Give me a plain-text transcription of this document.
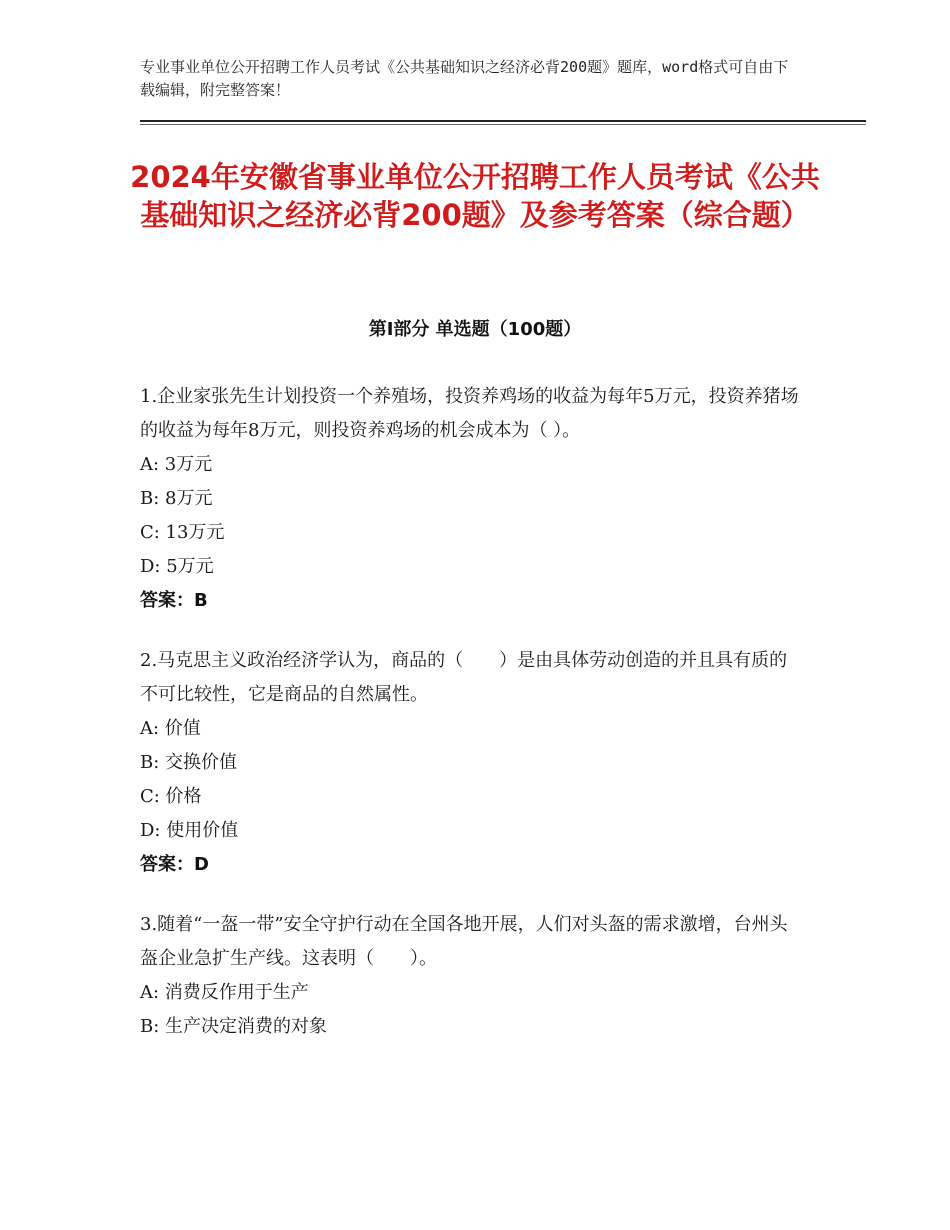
专业事业单位公开招聘工作人员考试《公共基础知识之经济必背200题》题库，word格式可自由下载编辑，附完整答案！
2024年安徽省事业单位公开招聘工作人员考试《公共基础知识之经济必背200题》及参考答案（综合题）
第Ⅰ部分 单选题（100题）
1.企业家张先生计划投资一个养殖场，投资养鸡场的收益为每年5万元，投资养猪场的收益为每年8万元，则投资养鸡场的机会成本为（ ）。
A: 3万元
B: 8万元
C: 13万元
D: 5万元
答案：B
2.马克思主义政治经济学认为，商品的（　　）是由具体劳动创造的并且具有质的不可比较性，它是商品的自然属性。
A: 价值
B: 交换价值
C: 价格
D: 使用价值
答案：D
3.随着“一盔一带”安全守护行动在全国各地开展，人们对头盔的需求激增，台州头盔企业急扩生产线。这表明（　　）。
A: 消费反作用于生产
B: 生产决定消费的对象
